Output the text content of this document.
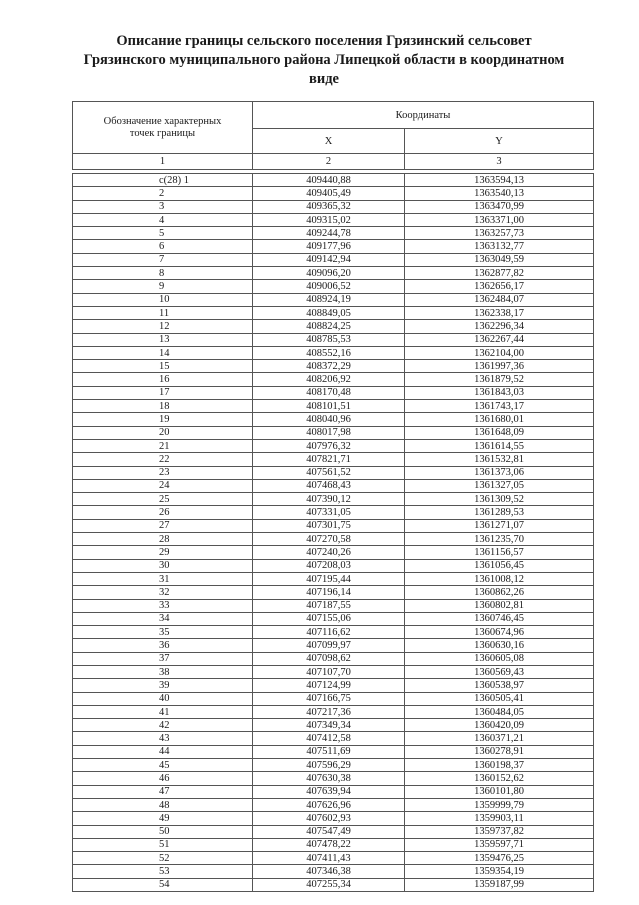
Описание границы сельского поселения Грязинский сельсовет
Грязинского муниципального района Липецкой области в координатном
виде
Обозначение характерных точек границы	Координаты	
	X	Y
1	2	3
с(28) 1	409440,88	1363594,13
2	409405,49	1363540,13
3	409365,32	1363470,99
4	409315,02	1363371,00
5	409244,78	1363257,73
6	409177,96	1363132,77
7	409142,94	1363049,59
8	409096,20	1362877,82
9	409006,52	1362656,17
10	408924,19	1362484,07
11	408849,05	1362338,17
12	408824,25	1362296,34
13	408785,53	1362267,44
14	408552,16	1362104,00
15	408372,29	1361997,36
16	408206,92	1361879,52
17	408170,48	1361843,03
18	408101,51	1361743,17
19	408040,96	1361680,01
20	408017,98	1361648,09
21	407976,32	1361614,55
22	407821,71	1361532,81
23	407561,52	1361373,06
24	407468,43	1361327,05
25	407390,12	1361309,52
26	407331,05	1361289,53
27	407301,75	1361271,07
28	407270,58	1361235,70
29	407240,26	1361156,57
30	407208,03	1361056,45
31	407195,44	1361008,12
32	407196,14	1360862,26
33	407187,55	1360802,81
34	407155,06	1360746,45
35	407116,62	1360674,96
36	407099,97	1360630,16
37	407098,62	1360605,08
38	407107,70	1360569,43
39	407124,99	1360538,97
40	407166,75	1360505,41
41	407217,36	1360484,05
42	407349,34	1360420,09
43	407412,58	1360371,21
44	407511,69	1360278,91
45	407596,29	1360198,37
46	407630,38	1360152,62
47	407639,94	1360101,80
48	407626,96	1359999,79
49	407602,93	1359903,11
50	407547,49	1359737,82
51	407478,22	1359597,71
52	407411,43	1359476,25
53	407346,38	1359354,19
54	407255,34	1359187,99
